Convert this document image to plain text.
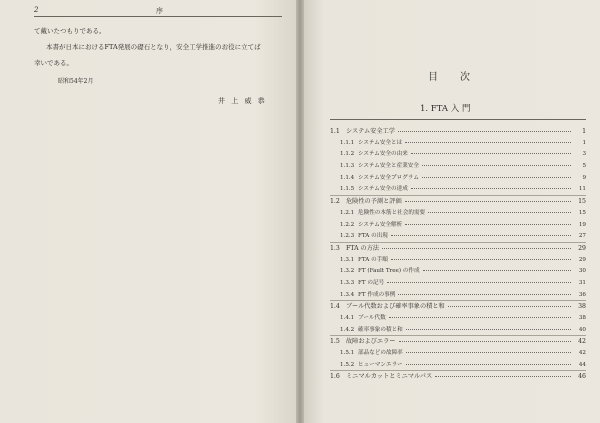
2	序
て戴いたつもりである。
本書が日本におけるFTA発展の礎石となり，安全工学推進のお役に立てば
幸いである。
昭和54年2月
井 上 威 恭
目　次
1. FTA 入 門
1.1 システム安全工学	1
1.1.1 システム安全とは	1
1.1.2 システム安全の由来	3
1.1.3 システム安全と産業安全	5
1.1.4 システム安全プログラム	9
1.1.5 システム安全の達成	11
1.2 危険性の予測と評価	15
1.2.1 危険性の本筋と社会的需要	15
1.2.2 システム安全解析	19
1.2.3 FTA の出現	27
1.3 FTA の方法	29
1.3.1 FTA の手順	29
1.3.2 FT (Fault Tree) の作成	30
1.3.3 FT の記号	31
1.3.4 FT 作成の事例	36
1.4 ブール代数および確率事象の積と和	38
1.4.1 ブール代数	38
1.4.2 確率事象の積と和	40
1.5 故障およびエラー	42
1.5.1 部品などの故障率	42
1.5.2 ヒューマンエラー	44
1.6 ミニマルカットとミニマルパス	46
